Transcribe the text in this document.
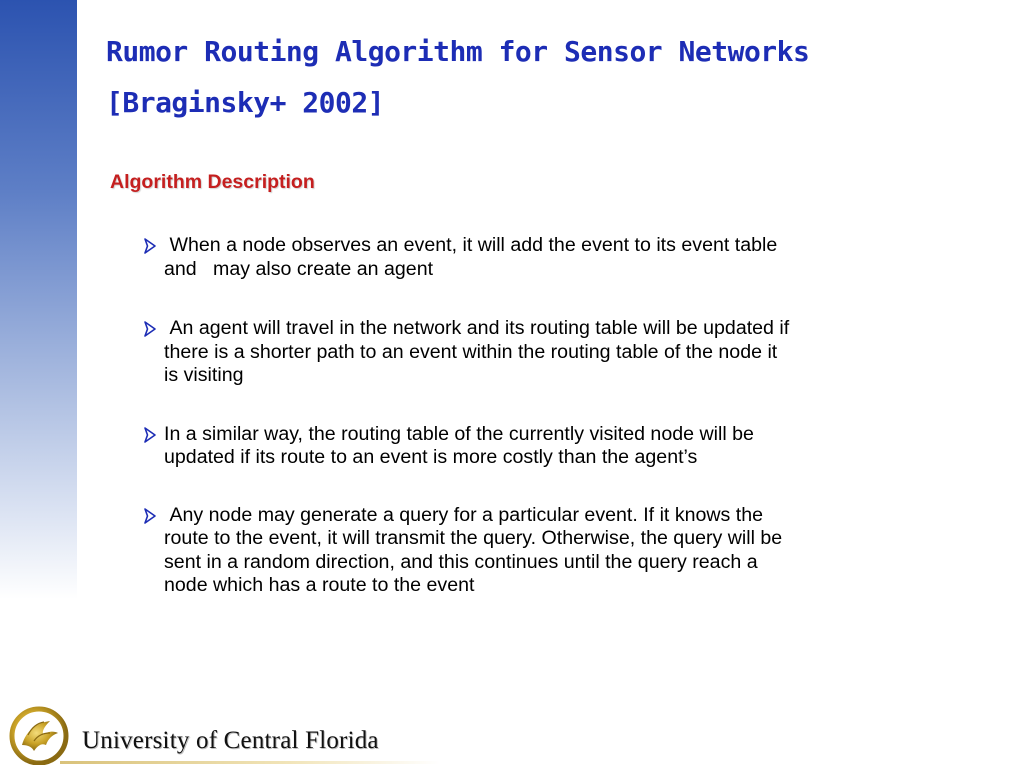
Rumor Routing Algorithm for Sensor Networks
[Braginsky+ 2002]
Algorithm Description
When a node observes an event, it will add the event to its event table
and   may also create an agent
An agent will travel in the network and its routing table will be updated if
there is a shorter path to an event within the routing table of the node it
is visiting
In a similar way, the routing table of the currently visited node will be
updated if its route to an event is more costly than the agent’s
Any node may generate a query for a particular event. If it knows the
route to the event, it will transmit the query. Otherwise, the query will be
sent in a random direction, and this continues until the query reach a
node which has a route to the event
University of Central Florida
